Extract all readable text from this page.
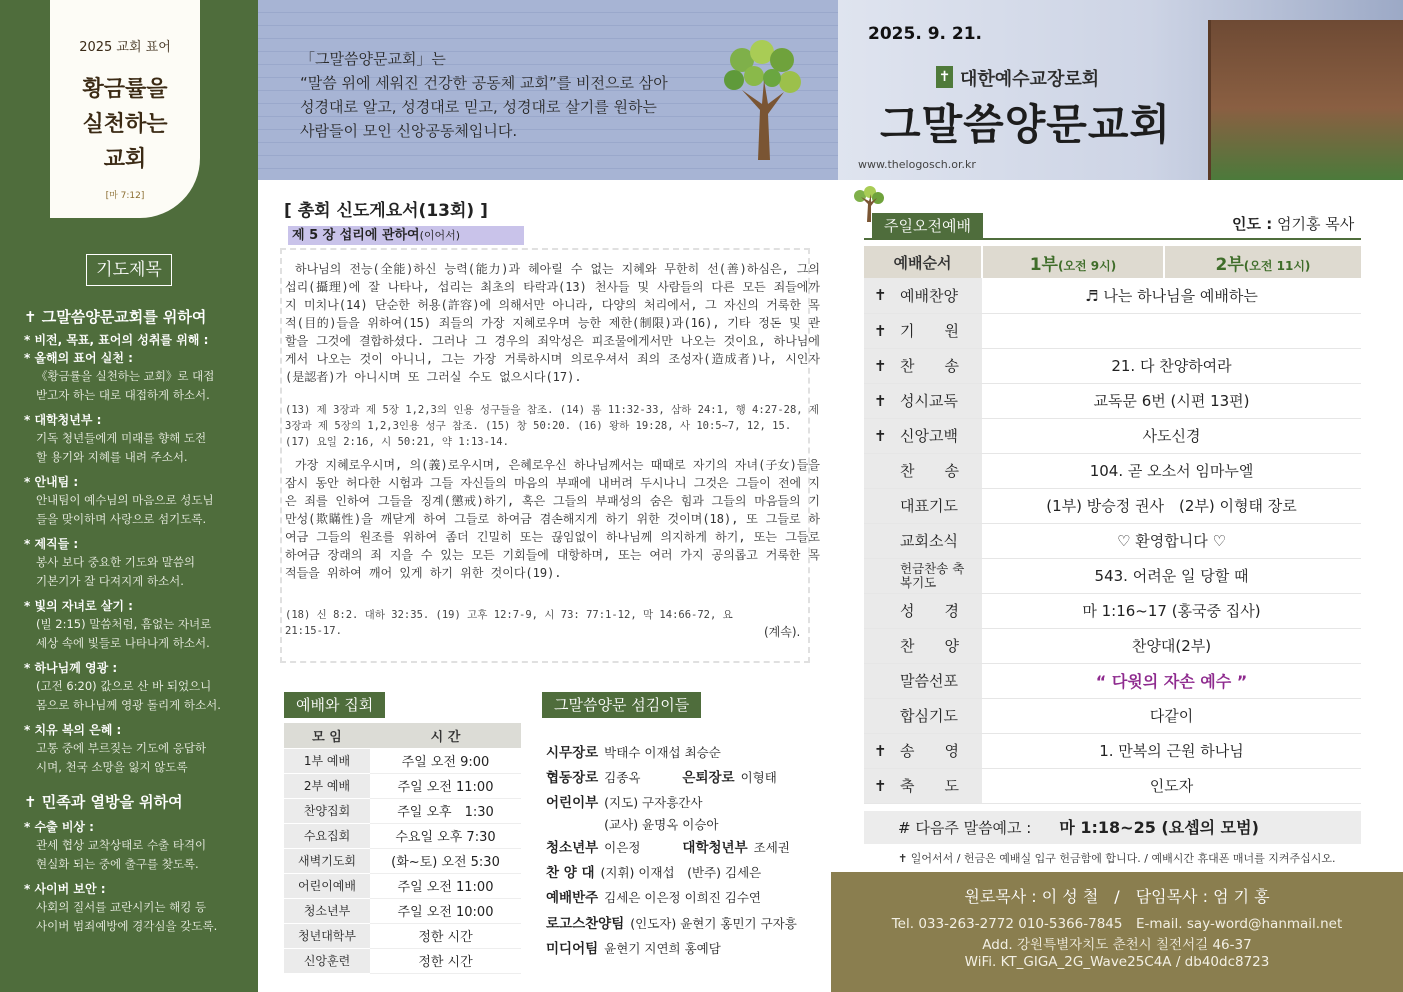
2025 교회 표어
황금률을
실천하는
교회
[마 7:12]
기도제목
✝ 그말씀양문교회를 위하여
* 비전, 목표, 표어의 성취를 위해 :
* 올해의 표어 실천 :
《황금률을 실천하는 교회》로 대접
받고자 하는 대로 대접하게 하소서.
* 대학청년부 :
기독 청년들에게 미래를 향해 도전
할 용기와 지혜를 내려 주소서.
* 안내팀 :
안내팀이 예수님의 마음으로 성도님
들을 맞이하며 사랑으로 섬기도록.
* 제직들 :
봉사 보다 중요한 기도와 말씀의
기본기가 잘 다져지게 하소서.
* 빛의 자녀로 살기 :
(빌 2:15) 말씀처럼, 흠없는 자녀로
세상 속에 빛들로 나타나게 하소서.
* 하나님께 영광 :
(고전 6:20) 값으로 산 바 되었으니
몸으로 하나님께 영광 돌리게 하소서.
* 치유 복의 은혜 :
고통 중에 부르짖는 기도에 응답하
시며, 천국 소망을 잃지 않도록
✝ 민족과 열방을 위하여
* 수출 비상 :
관세 협상 교착상태로 수출 타격이
현실화 되는 중에 출구를 찾도록.
* 사이버 보안 :
사회의 질서를 교란시키는 해킹 등
사이버 범죄예방에 경각심을 갖도록.
「그말씀양문교회」는
“말씀 위에 세워진 건강한 공동체 교회”를 비전으로 삼아
성경대로 알고, 성경대로 믿고, 성경대로 살기를 원하는
사람들이 모인 신앙공동체입니다.
2025. 9. 21.
✝ 대한예수교장로회
그말씀양문교회
www.thelogosch.or.kr
[ 총회 신도게요서(13회) ]
제 5 장 섭리에 관하여(이어서)
하나님의 전능(全能)하신 능력(能力)과 헤아릴 수 없는 지혜와 무한히 선(善)하심은, 그의 섭리(攝理)에 잘 나타나, 섭리는 최초의 타락과(13) 천사들 및 사람들의 다른 모든 죄들에까지 미치나(14) 단순한 허용(許容)에 의해서만 아니라, 다양의 처리에서, 그 자신의 거룩한 목적(目的)들을 위하여(15) 죄들의 가장 지혜로우며 능한 제한(制限)과(16), 기타 정돈 및 관할을 그것에 결합하셨다. 그러나 그 경우의 죄악성은 피조물에게서만 나오는 것이요, 하나님에게서 나오는 것이 아니니, 그는 가장 거룩하시며 의로우셔서 죄의 조성자(造成者)나, 시인자(是認者)가 아니시며 또 그러실 수도 없으시다(17).
(13) 제 3장과 제 5장 1,2,3의 인용 성구들을 참조. (14) 롬 11:32-33, 삼하 24:1, 행 4:27-28, 제 3장과 제 5장의 1,2,3인용 성구 참조. (15) 창 50:20. (16) 왕하 19:28, 사 10:5~7, 12, 15. (17) 요일 2:16, 시 50:21, 약 1:13-14.
가장 지혜로우시며, 의(義)로우시며, 은혜로우신 하나님께서는 때때로 자기의 자녀(子女)들을 잠시 동안 허다한 시험과 그들 자신들의 마음의 부패에 내버려 두시나니 그것은 그들이 전에 지은 죄를 인하여 그들을 징계(懲戒)하기, 혹은 그들의 부패성의 숨은 힘과 그들의 마음들의 기만성(欺瞞性)을 깨닫게 하여 그들로 하여금 겸손해지게 하기 위한 것이며(18), 또 그들로 하여금 그들의 원조를 위하여 좀더 긴밀히 또는 끊임없이 하나님께 의지하게 하기, 또는 그들로 하여금 장래의 죄 지을 수 있는 모든 기회들에 대항하며, 또는 여러 가지 공의롭고 거룩한 목적들을 위하여 깨어 있게 하기 위한 것이다(19).
(18) 신 8:2. 대하 32:35. (19) 고후 12:7-9, 시 73: 77:1-12, 막 14:66-72, 요 21:15-17.	(계속).
예배와 집회
모 임	시 간
1부 예배	주일 오전 9:00
2부 예배	주일 오전 11:00
찬양집회	주일 오후　1:30
수요집회	수요일 오후 7:30
새벽기도회	(화~토) 오전 5:30
어린이예배	주일 오전 11:00
청소년부	주일 오전 10:00
청년대학부	정한 시간
신앙훈련	정한 시간
그말씀양문 섬김이들
시무장로 박태수 이재섭 최승순
협동장로 김종옥	은퇴장로 이형태
어린이부 (지도) 구자흥간사
(교사) 윤명옥 이승아
청소년부 이은정	대학청년부 조세권
찬 양 대 (지휘) 이재섭　(반주) 김세은
예배반주 김세은 이은정 이희진 김수연
로고스찬양팀 (인도자) 윤현기 홍민기 구자흥
미디어팀 윤현기 지연희 홍예담
주일오전예배	인도 : 엄기홍 목사
예배순서	1부(오전 9시)	2부(오전 11시)
✝ 예배찬양	♬ 나는 하나님을 예배하는	
✝ 기　　원		
✝ 찬　　송	21. 다 찬양하여라	
✝ 성시교독	교독문 6번 (시편 13편)	
✝ 신앙고백	사도신경	
찬　　송	104. 곧 오소서 임마누엘	
대표기도	(1부) 방승정 권사　(2부) 이형태 장로	
교회소식	♡ 환영합니다 ♡	
헌금찬송 축복기도	543. 어려운 일 당할 때	
성　　경	마 1:16~17 (홍국중 집사)	
찬　　양	찬양대(2부)	
말씀선포	“ 다윗의 자손 예수 ”	
합심기도	다같이	
✝ 송　　영	1. 만복의 근원 하나님	
✝ 축　　도	인도자	
# 다음주 말씀예고 : 마 1:18~25 (요셉의 모범)
✝ 일어서서 / 헌금은 예배실 입구 헌금함에 합니다. / 예배시간 휴대폰 매너를 지켜주십시오.
원로목사 : 이 성 철　/　담임목사 : 엄 기 홍
Tel. 033-263-2772 010-5366-7845　E-mail. say-word@hanmail.net
Add. 강원특별자치도 춘천시 칠전서길 46-37
WiFi. KT_GIGA_2G_Wave25C4A / db40dc8723
